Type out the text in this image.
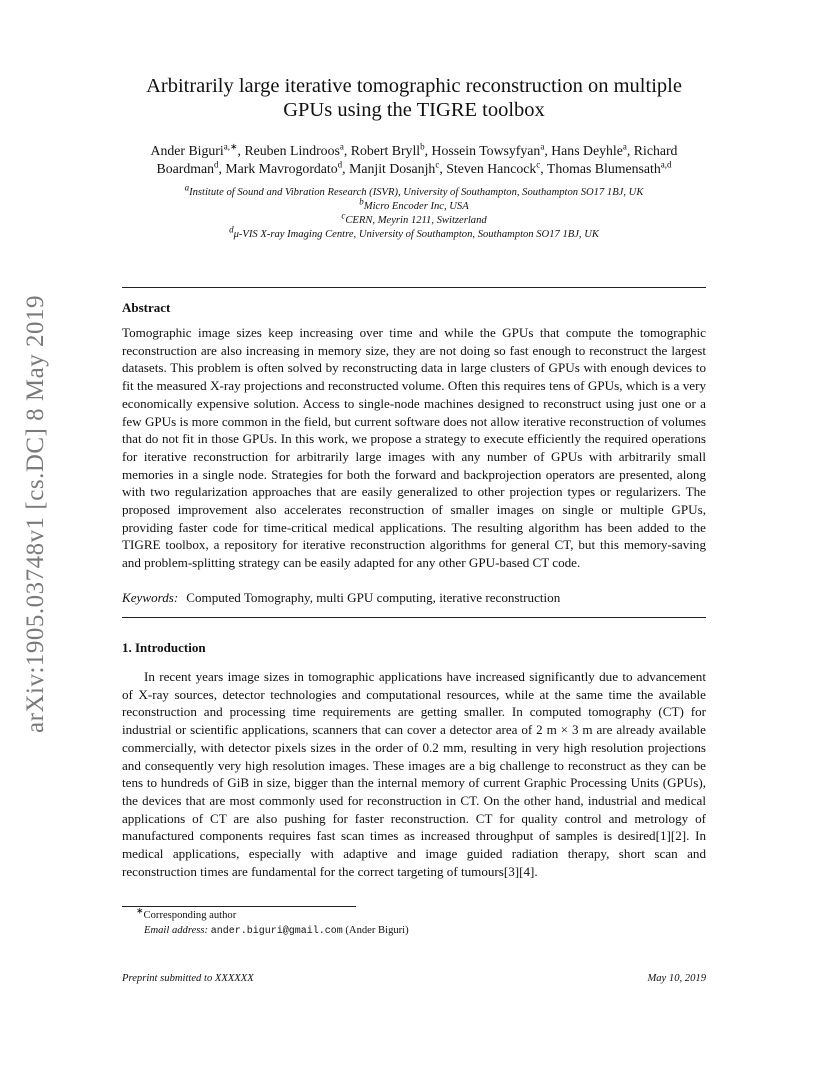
arXiv:1905.03748v1 [cs.DC] 8 May 2019
Arbitrarily large iterative tomographic reconstruction on multiple GPUs using the TIGRE toolbox
Ander Biguri$^{a,∗}$, Reuben Lindroos$^a$, Robert Bryll$^b$, Hossein Towsyfyan$^a$, Hans Deyhle$^a$, Richard Boardman$^d$, Mark Mavrogordato$^d$, Manjit Dosanjh$^c$, Steven Hancock$^c$, Thomas Blumensath$^{a,d}$
$^a$Institute of Sound and Vibration Research (ISVR), University of Southampton, Southampton SO17 1BJ, UK
$^b$Micro Encoder Inc, USA
$^c$CERN, Meyrin 1211, Switzerland
$^d$μ-VIS X-ray Imaging Centre, University of Southampton, Southampton SO17 1BJ, UK
Abstract
Tomographic image sizes keep increasing over time and while the GPUs that compute the tomographic reconstruction are also increasing in memory size, they are not doing so fast enough to reconstruct the largest datasets. This problem is often solved by reconstructing data in large clusters of GPUs with enough devices to fit the measured X-ray projections and reconstructed volume. Often this requires tens of GPUs, which is a very economically expensive solution. Access to single-node machines designed to reconstruct using just one or a few GPUs is more common in the field, but current software does not allow iterative reconstruction of volumes that do not fit in those GPUs. In this work, we propose a strategy to execute efficiently the required operations for iterative reconstruction for arbitrarily large images with any number of GPUs with arbitrarily small memories in a single node. Strategies for both the forward and backprojection operators are presented, along with two regularization approaches that are easily generalized to other projection types or regularizers. The proposed improvement also accelerates reconstruction of smaller images on single or multiple GPUs, providing faster code for time-critical medical applications. The resulting algorithm has been added to the TIGRE toolbox, a repository for iterative reconstruction algorithms for general CT, but this memory-saving and problem-splitting strategy can be easily adapted for any other GPU-based CT code.
Keywords: Computed Tomography, multi GPU computing, iterative reconstruction
1. Introduction
In recent years image sizes in tomographic applications have increased significantly due to advancement of X-ray sources, detector technologies and computational resources, while at the same time the available reconstruction and processing time requirements are getting smaller. In computed tomography (CT) for industrial or scientific applications, scanners that can cover a detector area of 2 m × 3 m are already available commercially, with detector pixels sizes in the order of 0.2 mm, resulting in very high resolution projections and consequently very high resolution images. These images are a big challenge to reconstruct as they can be tens to hundreds of GiB in size, bigger than the internal memory of current Graphic Processing Units (GPUs), the devices that are most commonly used for reconstruction in CT. On the other hand, industrial and medical applications of CT are also pushing for faster reconstruction. CT for quality control and metrology of manufactured components requires fast scan times as increased throughput of samples is desired[1][2]. In medical applications, especially with adaptive and image guided radiation therapy, short scan and reconstruction times are fundamental for the correct targeting of tumours[3][4].
∗Corresponding author
Email address: ander.biguri@gmail.com (Ander Biguri)
Preprint submitted to XXXXXX	May 10, 2019
